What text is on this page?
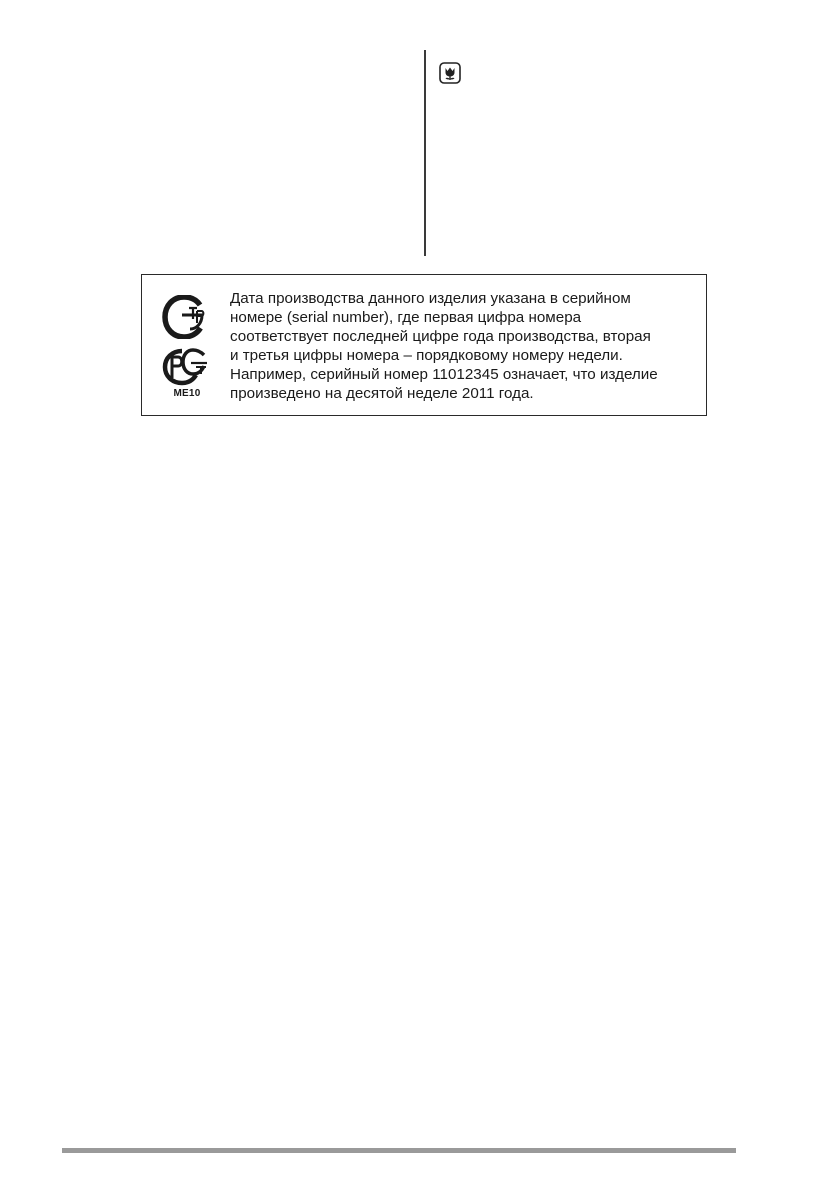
ME10
Дата производства данного изделия указана в серийном
номере (serial number), где первая цифра номера
соответствует последней цифре года производства, вторая
и третья цифры номера – порядковому номеру недели.
Например, серийный номер 11012345 означает, что изделие
произведено на десятой неделе 2011 года.
